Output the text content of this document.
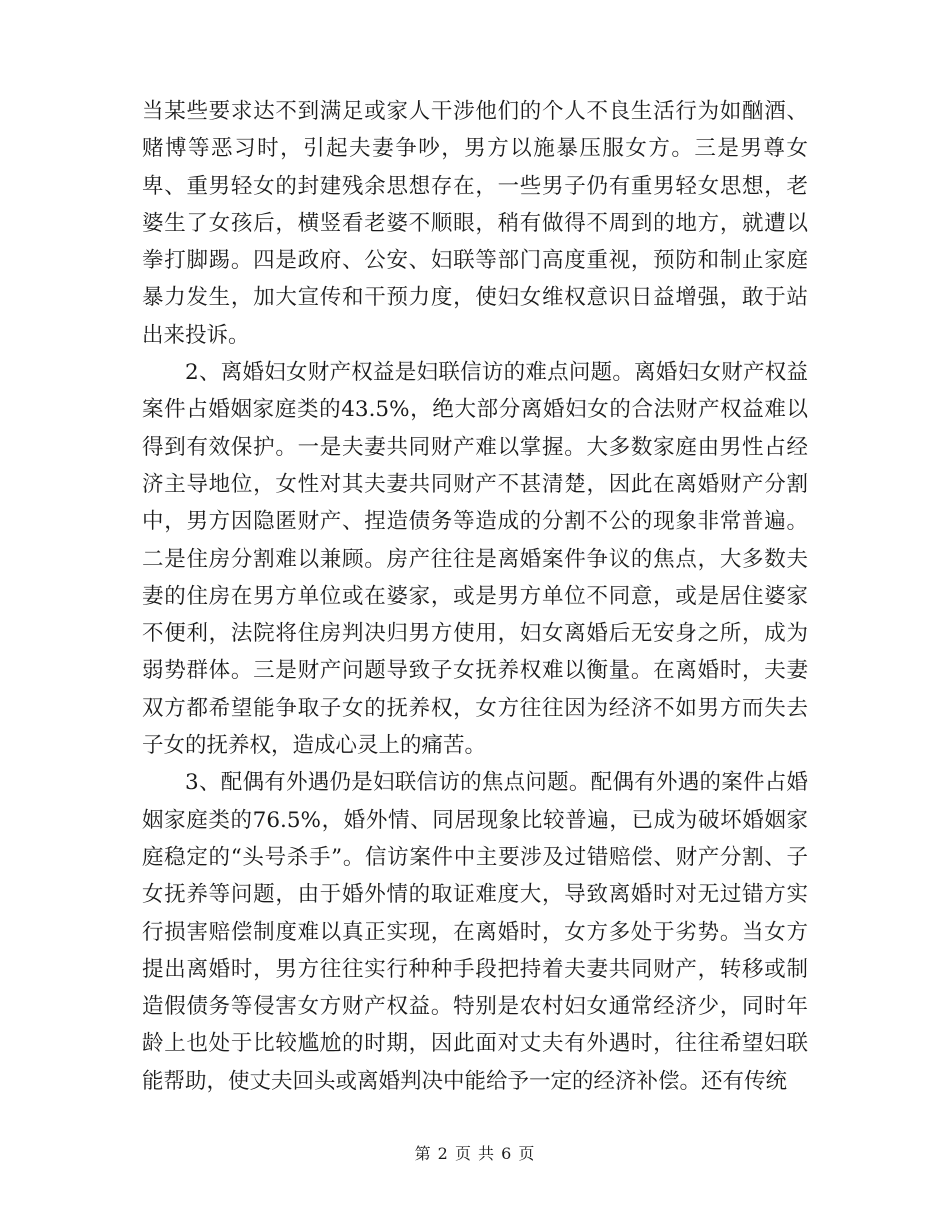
当某些要求达不到满足或家人干涉他们的个人不良生活行为如酗酒、赌博等恶习时，引起夫妻争吵，男方以施暴压服女方。三是男尊女卑、重男轻女的封建残余思想存在，一些男子仍有重男轻女思想，老婆生了女孩后，横竖看老婆不顺眼，稍有做得不周到的地方，就遭以拳打脚踢。四是政府、公安、妇联等部门高度重视，预防和制止家庭暴力发生，加大宣传和干预力度，使妇女维权意识日益增强，敢于站出来投诉。

2、离婚妇女财产权益是妇联信访的难点问题。离婚妇女财产权益案件占婚姻家庭类的43.5%，绝大部分离婚妇女的合法财产权益难以得到有效保护。一是夫妻共同财产难以掌握。大多数家庭由男性占经济主导地位，女性对其夫妻共同财产不甚清楚，因此在离婚财产分割中，男方因隐匿财产、捏造债务等造成的分割不公的现象非常普遍。二是住房分割难以兼顾。房产往往是离婚案件争议的焦点，大多数夫妻的住房在男方单位或在婆家，或是男方单位不同意，或是居住婆家不便利，法院将住房判决归男方使用，妇女离婚后无安身之所，成为弱势群体。三是财产问题导致子女抚养权难以衡量。在离婚时，夫妻双方都希望能争取子女的抚养权，女方往往因为经济不如男方而失去子女的抚养权，造成心灵上的痛苦。

3、配偶有外遇仍是妇联信访的焦点问题。配偶有外遇的案件占婚姻家庭类的76.5%，婚外情、同居现象比较普遍，已成为破坏婚姻家庭稳定的“头号杀手”。信访案件中主要涉及过错赔偿、财产分割、子女抚养等问题，由于婚外情的取证难度大，导致离婚时对无过错方实行损害赔偿制度难以真正实现，在离婚时，女方多处于劣势。当女方提出离婚时，男方往往实行种种手段把持着夫妻共同财产，转移或制造假债务等侵害女方财产权益。特别是农村妇女通常经济少，同时年龄上也处于比较尴尬的时期，因此面对丈夫有外遇时，往往希望妇联能帮助，使丈夫回头或离婚判决中能给予一定的经济补偿。还有传统

第 2 页 共 6 页
